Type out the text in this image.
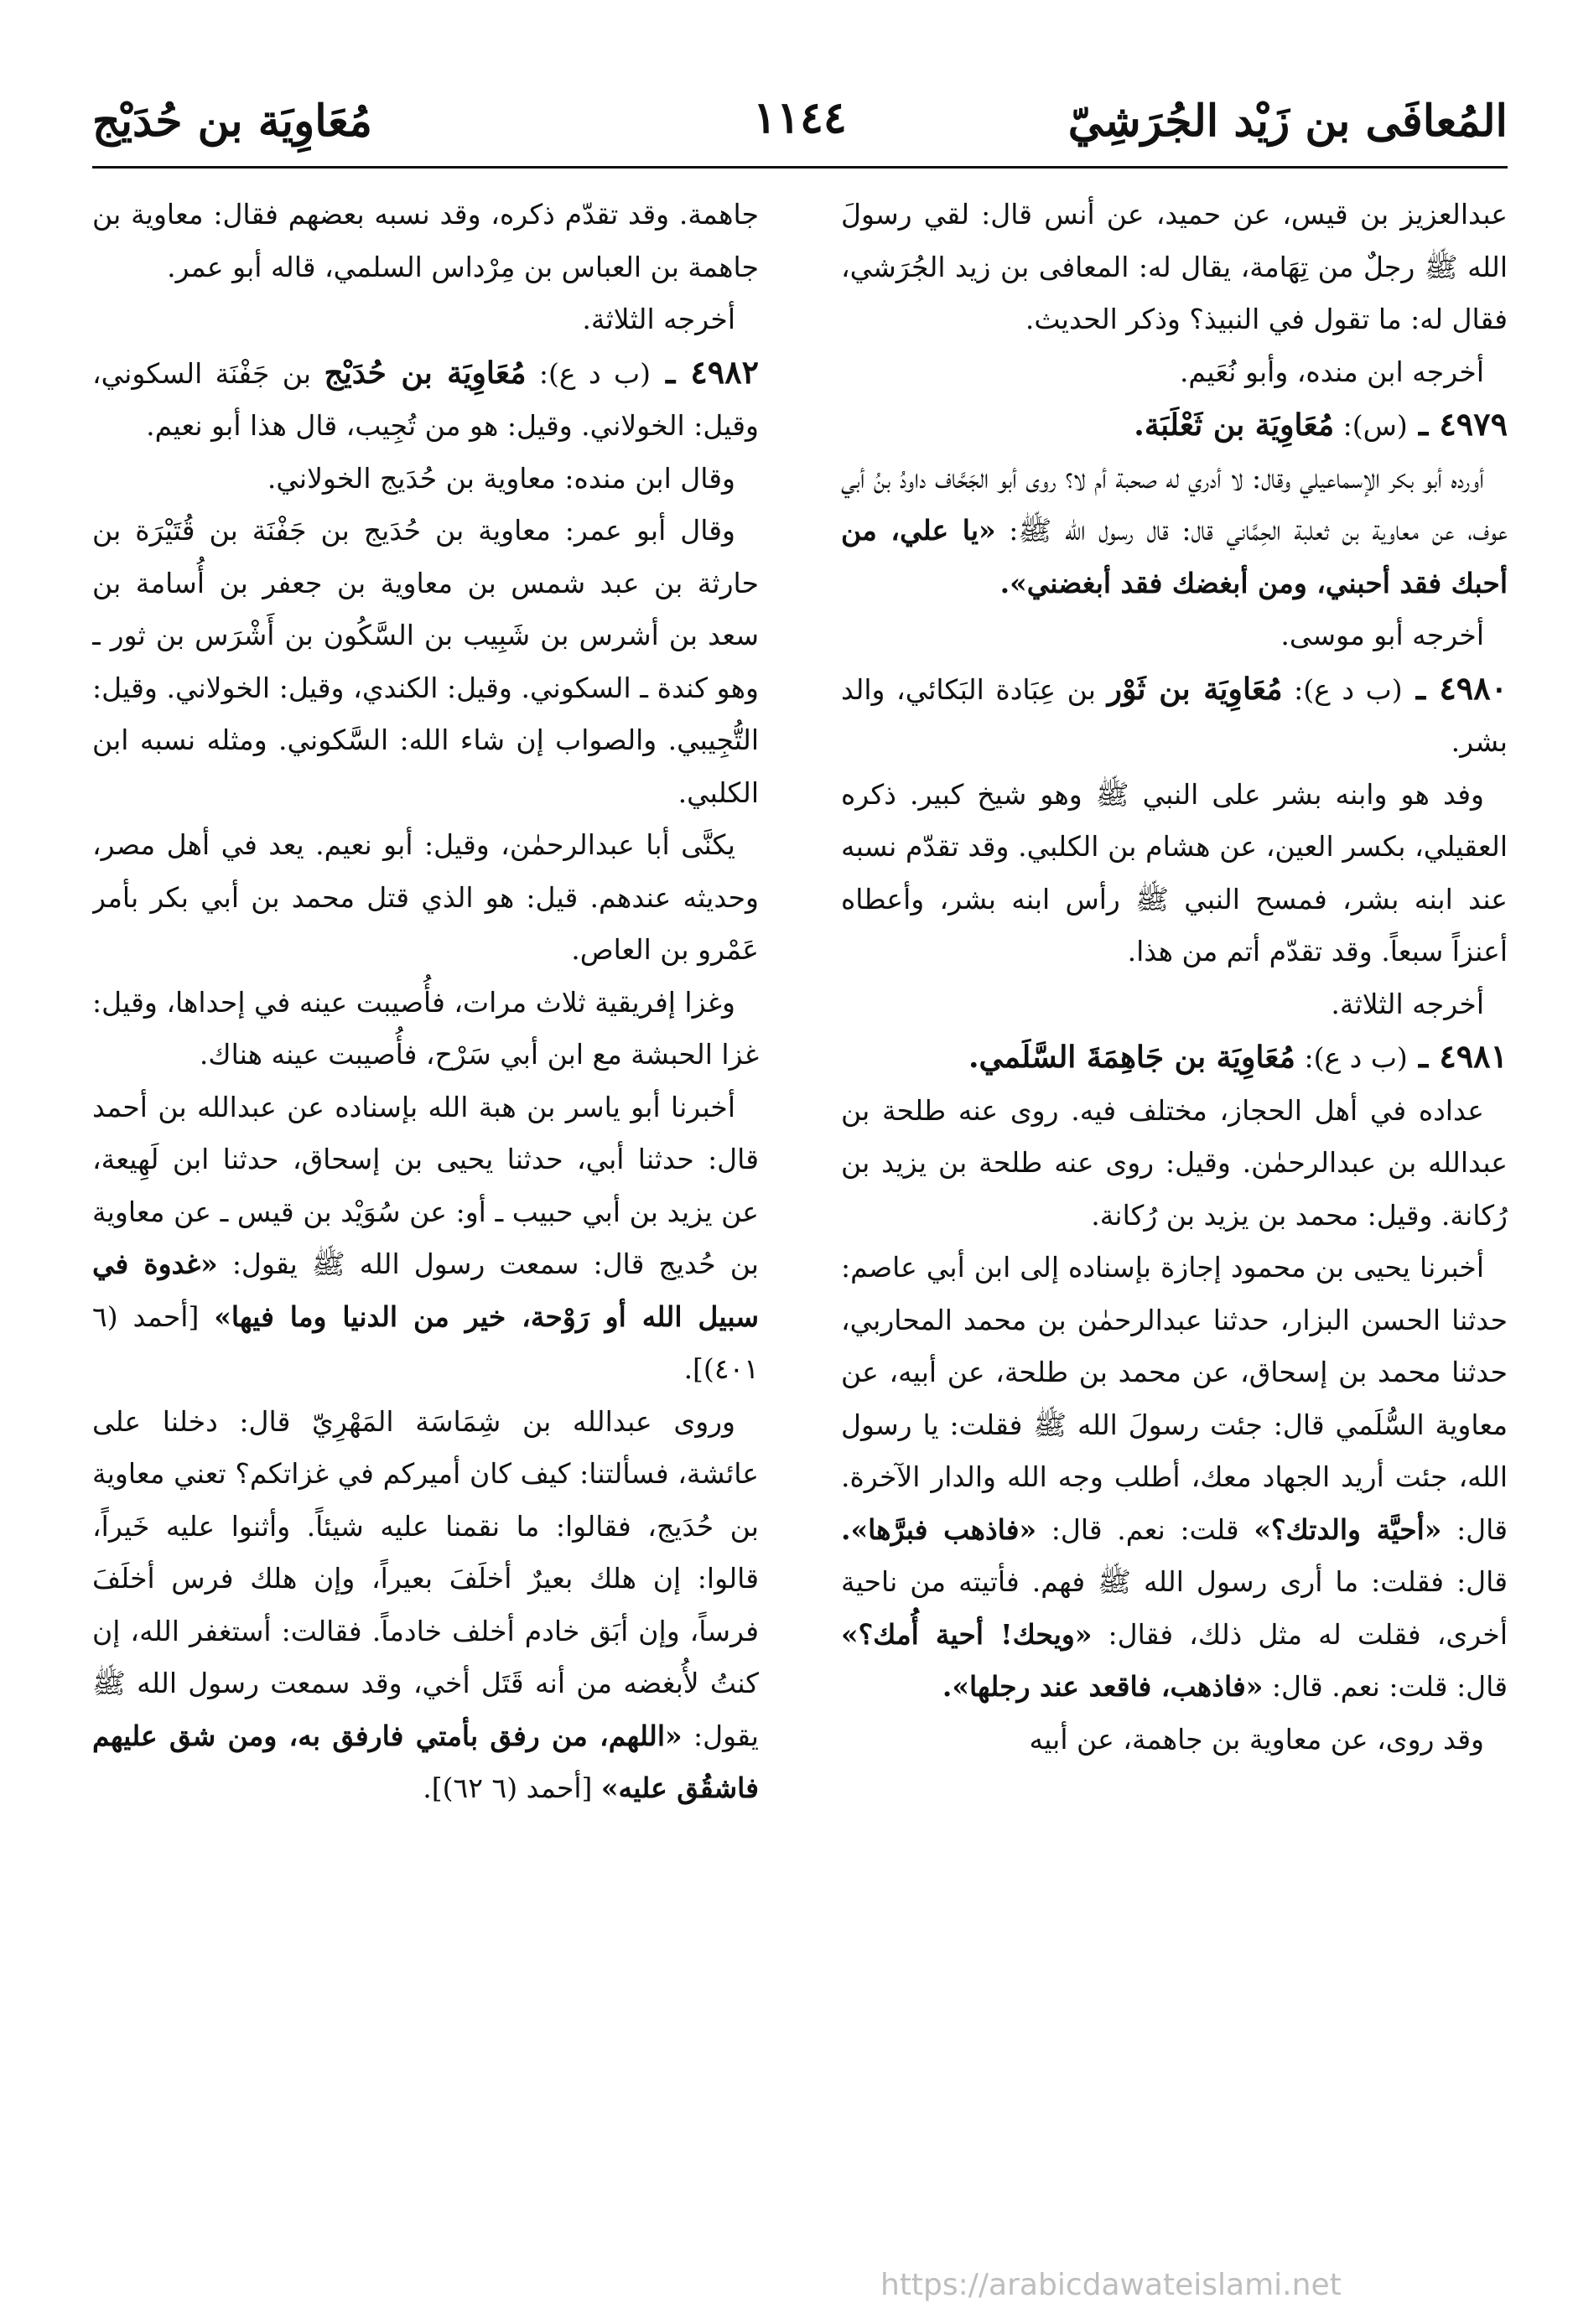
المُعافَى بن زَيْد الجُرَشِيّ
١١٤٤
مُعَاوِيَة بن حُدَيْج

عبدالعزيز بن قيس، عن حميد، عن أنس قال: لقي رسولَ الله ﷺ رجلٌ من تِهَامة، يقال له: المعافى بن زيد الجُرَشي، فقال له: ما تقول في النبيذ؟ وذكر الحديث.

أخرجه ابن منده، وأبو نُعَيم.

٤٩٧٩ ـ (س): مُعَاوِيَة بن ثَعْلَبَة.

أورده أبو بكر الإسماعيلي وقال: لا أدري له صحبة أم لا؟ روى أبو الجَحَّاف داودُ بنُ أبي عوف، عن معاوية بن ثعلبة الحِمَّاني قال: قال رسول الله ﷺ: «يا علي، من أحبك فقد أحبني، ومن أبغضك فقد أبغضني».

أخرجه أبو موسى.

٤٩٨٠ ـ (ب د ع): مُعَاوِيَة بن ثَوْر بن عِبَادة البَكائي، والد بشر.

وفد هو وابنه بشر على النبي ﷺ وهو شيخ كبير. ذكره العقيلي، بكسر العين، عن هشام بن الكلبي. وقد تقدّم نسبه عند ابنه بشر، فمسح النبي ﷺ رأس ابنه بشر، وأعطاه أعنزاً سبعاً. وقد تقدّم أتم من هذا.

أخرجه الثلاثة.

٤٩٨١ ـ (ب د ع): مُعَاوِيَة بن جَاهِمَةَ السَّلَمي.

عداده في أهل الحجاز، مختلف فيه. روى عنه طلحة بن عبدالله بن عبدالرحمٰن. وقيل: روى عنه طلحة بن يزيد بن رُكانة. وقيل: محمد بن يزيد بن رُكانة.

أخبرنا يحيى بن محمود إجازة بإسناده إلى ابن أبي عاصم: حدثنا الحسن البزار، حدثنا عبدالرحمٰن بن محمد المحاربي، حدثنا محمد بن إسحاق، عن محمد بن طلحة، عن أبيه، عن معاوية السُّلَمي قال: جئت رسولَ الله ﷺ فقلت: يا رسول الله، جئت أريد الجهاد معك، أطلب وجه الله والدار الآخرة. قال: «أحيَّة والدتك؟» قلت: نعم. قال: «فاذهب فبرَّها». قال: فقلت: ما أرى رسول الله ﷺ فهم. فأتيته من ناحية أخرى، فقلت له مثل ذلك، فقال: «ويحك! أحية أُمك؟» قال: قلت: نعم. قال: «فاذهب، فاقعد عند رجلها».

وقد روى، عن معاوية بن جاهمة، عن أبيه

جاهمة. وقد تقدّم ذكره، وقد نسبه بعضهم فقال: معاوية بن جاهمة بن العباس بن مِرْداس السلمي، قاله أبو عمر.

أخرجه الثلاثة.

٤٩٨٢ ـ (ب د ع): مُعَاوِيَة بن حُدَيْج بن جَفْنَة السكوني، وقيل: الخولاني. وقيل: هو من تُجِيب، قال هذا أبو نعيم.

وقال ابن منده: معاوية بن حُدَيج الخولاني.

وقال أبو عمر: معاوية بن حُدَيج بن جَفْنَة بن قُتَيْرَة بن حارثة بن عبد شمس بن معاوية بن جعفر بن أُسامة بن سعد بن أشرس بن شَبِيب بن السَّكُون بن أَشْرَس بن ثور ـ وهو كندة ـ السكوني. وقيل: الكندي، وقيل: الخولاني. وقيل: التُّجِيبي. والصواب إن شاء الله: السَّكوني. ومثله نسبه ابن الكلبي.

يكنَّى أبا عبدالرحمٰن، وقيل: أبو نعيم. يعد في أهل مصر، وحديثه عندهم. قيل: هو الذي قتل محمد بن أبي بكر بأمر عَمْرو بن العاص.

وغزا إفريقية ثلاث مرات، فأُصيبت عينه في إحداها، وقيل: غزا الحبشة مع ابن أبي سَرْح، فأُصيبت عينه هناك.

أخبرنا أبو ياسر بن هبة الله بإسناده عن عبدالله بن أحمد قال: حدثنا أبي، حدثنا يحيى بن إسحاق، حدثنا ابن لَهِيعة، عن يزيد بن أبي حبيب ـ أو: عن سُوَيْد بن قيس ـ عن معاوية بن حُديج قال: سمعت رسول الله ﷺ يقول: «غدوة في سبيل الله أو رَوْحة، خير من الدنيا وما فيها» [أحمد (٦ ٤٠١)].

وروى عبدالله بن شِمَاسَة المَهْرِيّ قال: دخلنا على عائشة، فسألتنا: كيف كان أميركم في غزاتكم؟ تعني معاوية بن حُدَيج، فقالوا: ما نقمنا عليه شيئاً. وأثنوا عليه خَيراً، قالوا: إن هلك بعيرٌ أخلَفَ بعيراً، وإن هلك فرس أخلَفَ فرساً، وإن أبَق خادم أخلف خادماً. فقالت: أستغفر الله، إن كنتُ لأُبغضه من أنه قَتَل أخي، وقد سمعت رسول الله ﷺ يقول: «اللهم، من رفق بأمتي فارفق به، ومن شق عليهم فاشقُق عليه» [أحمد (٦ ٦٢)].

https://arabicdawateislami.net
